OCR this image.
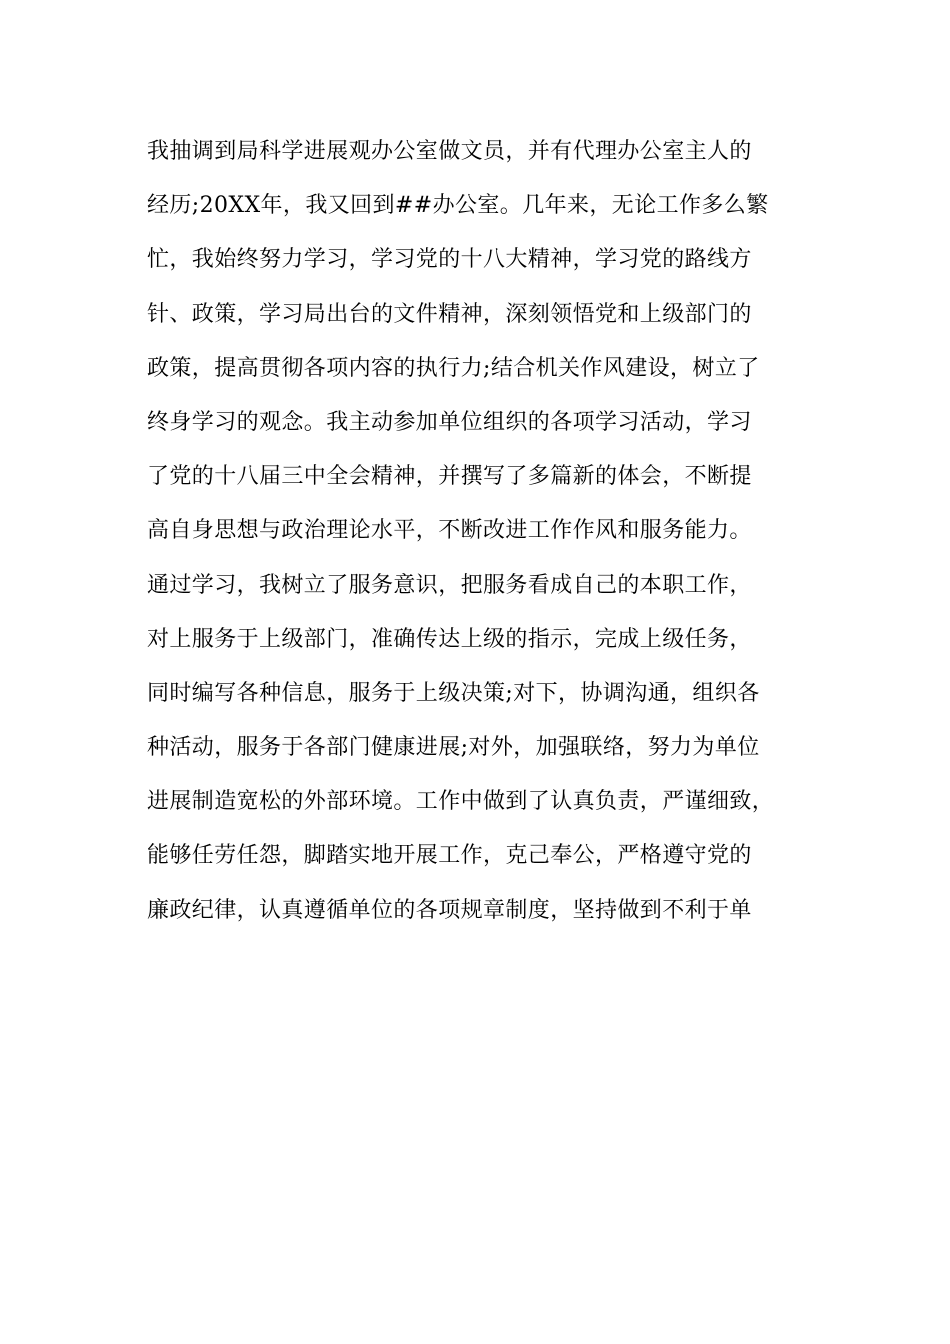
我抽调到局科学进展观办公室做文员，并有代理办公室主人的
经历;20XX年，我又回到##办公室。几年来，无论工作多么繁
忙，我始终努力学习，学习党的十八大精神，学习党的路线方
针、政策，学习局出台的文件精神，深刻领悟党和上级部门的
政策，提高贯彻各项内容的执行力;结合机关作风建设，树立了
终身学习的观念。我主动参加单位组织的各项学习活动，学习
了党的十八届三中全会精神，并撰写了多篇新的体会，不断提
高自身思想与政治理论水平，不断改进工作作风和服务能力。
通过学习，我树立了服务意识，把服务看成自己的本职工作，
对上服务于上级部门，准确传达上级的指示，完成上级任务，
同时编写各种信息，服务于上级决策;对下，协调沟通，组织各
种活动，服务于各部门健康进展;对外，加强联络，努力为单位
进展制造宽松的外部环境。工作中做到了认真负责，严谨细致，
能够任劳任怨，脚踏实地开展工作，克己奉公，严格遵守党的
廉政纪律，认真遵循单位的各项规章制度，坚持做到不利于单
